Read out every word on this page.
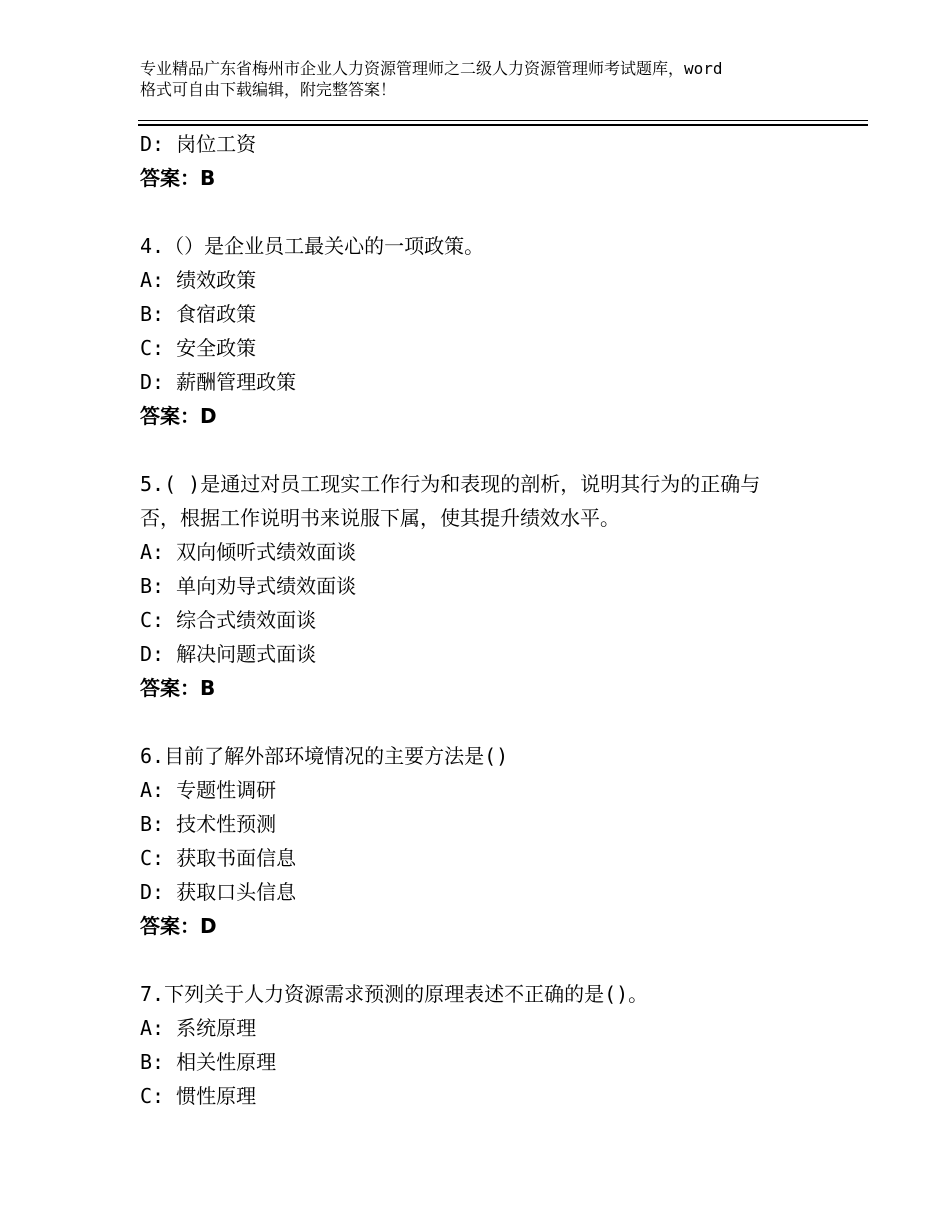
专业精品广东省梅州市企业人力资源管理师之二级人力资源管理师考试题库，word
格式可自由下载编辑，附完整答案！
D: 岗位工资
答案：B
4.（）是企业员工最关心的一项政策。
A: 绩效政策
B: 食宿政策
C: 安全政策
D: 薪酬管理政策
答案：D
5.( )是通过对员工现实工作行为和表现的剖析，说明其行为的正确与
否，根据工作说明书来说服下属，使其提升绩效水平。
A: 双向倾听式绩效面谈
B: 单向劝导式绩效面谈
C: 综合式绩效面谈
D: 解决问题式面谈
答案：B
6.目前了解外部环境情况的主要方法是()
A: 专题性调研
B: 技术性预测
C: 获取书面信息
D: 获取口头信息
答案：D
7.下列关于人力资源需求预测的原理表述不正确的是()。
A: 系统原理
B: 相关性原理
C: 惯性原理
